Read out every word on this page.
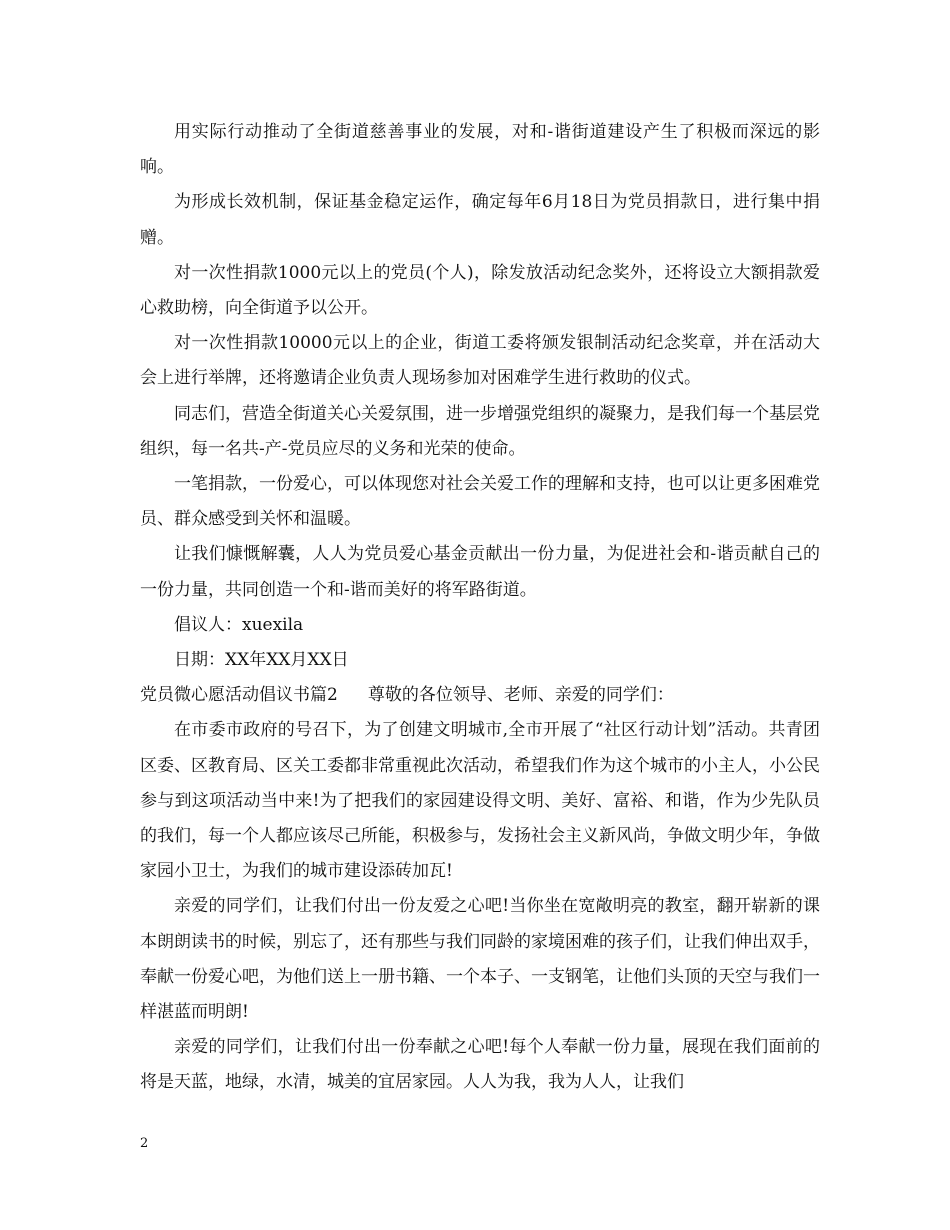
用实际行动推动了全街道慈善事业的发展，对和-谐街道建设产生了积极而深远的影响。

为形成长效机制，保证基金稳定运作，确定每年6月18日为党员捐款日，进行集中捐赠。

对一次性捐款1000元以上的党员(个人)，除发放活动纪念奖外，还将设立大额捐款爱心救助榜，向全街道予以公开。

对一次性捐款10000元以上的企业，街道工委将颁发银制活动纪念奖章，并在活动大会上进行举牌，还将邀请企业负责人现场参加对困难学生进行救助的仪式。

同志们，营造全街道关心关爱氛围，进一步增强党组织的凝聚力，是我们每一个基层党组织，每一名共-产-党员应尽的义务和光荣的使命。

一笔捐款，一份爱心，可以体现您对社会关爱工作的理解和支持，也可以让更多困难党员、群众感受到关怀和温暖。

让我们慷慨解囊，人人为党员爱心基金贡献出一份力量，为促进社会和-谐贡献自己的一份力量，共同创造一个和-谐而美好的将军路街道。

倡议人：xuexila

日期：XX年XX月XX日

党员微心愿活动倡议书篇2 尊敬的各位领导、老师、亲爱的同学们：

在市委市政府的号召下，为了创建文明城市,全市开展了“社区行动计划”活动。共青团区委、区教育局、区关工委都非常重视此次活动，希望我们作为这个城市的小主人，小公民参与到这项活动当中来!为了把我们的家园建设得文明、美好、富裕、和谐，作为少先队员的我们，每一个人都应该尽己所能，积极参与，发扬社会主义新风尚，争做文明少年，争做家园小卫士，为我们的城市建设添砖加瓦!

亲爱的同学们，让我们付出一份友爱之心吧!当你坐在宽敞明亮的教室，翻开崭新的课本朗朗读书的时候，别忘了，还有那些与我们同龄的家境困难的孩子们，让我们伸出双手，奉献一份爱心吧，为他们送上一册书籍、一个本子、一支钢笔，让他们头顶的天空与我们一样湛蓝而明朗!

亲爱的同学们，让我们付出一份奉献之心吧!每个人奉献一份力量，展现在我们面前的将是天蓝，地绿，水清，城美的宜居家园。人人为我，我为人人，让我们

2
